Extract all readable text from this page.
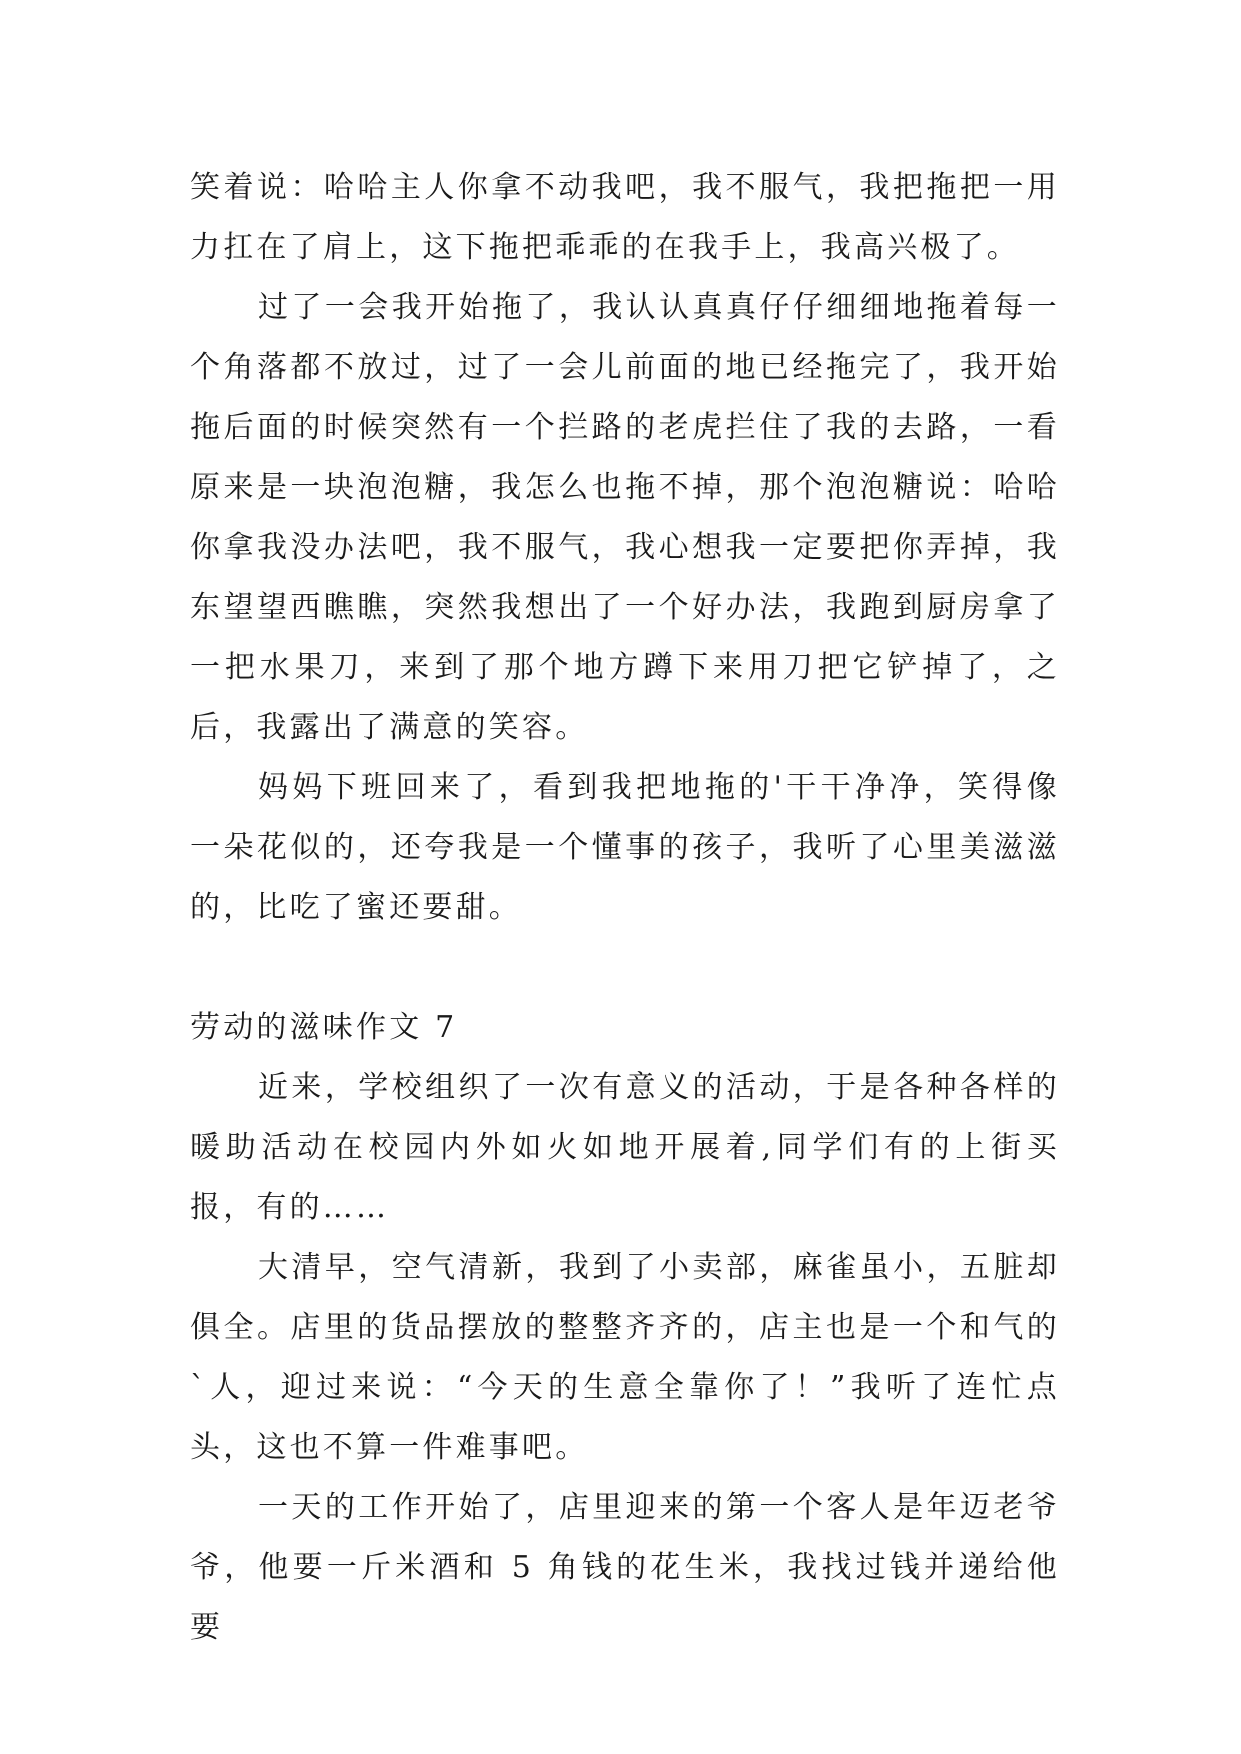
笑着说：哈哈主人你拿不动我吧，我不服气，我把拖把一用力扛在了肩上，这下拖把乖乖的在我手上，我高兴极了。

过了一会我开始拖了，我认认真真仔仔细细地拖着每一个角落都不放过，过了一会儿前面的地已经拖完了，我开始拖后面的时候突然有一个拦路的老虎拦住了我的去路，一看原来是一块泡泡糖，我怎么也拖不掉，那个泡泡糖说：哈哈你拿我没办法吧，我不服气，我心想我一定要把你弄掉，我东望望西瞧瞧，突然我想出了一个好办法，我跑到厨房拿了一把水果刀，来到了那个地方蹲下来用刀把它铲掉了，之后，我露出了满意的笑容。

妈妈下班回来了，看到我把地拖的'干干净净，笑得像一朵花似的，还夸我是一个懂事的孩子，我听了心里美滋滋的，比吃了蜜还要甜。

劳动的滋味作文 7

近来，学校组织了一次有意义的活动，于是各种各样的暖助活动在校园内外如火如地开展着,同学们有的上街买报，有的……

大清早，空气清新，我到了小卖部，麻雀虽小，五脏却俱全。店里的货品摆放的整整齐齐的，店主也是一个和气的`人，迎过来说：“今天的生意全靠你了！”我听了连忙点头，这也不算一件难事吧。

一天的工作开始了，店里迎来的第一个客人是年迈老爷爷，他要一斤米酒和 5 角钱的花生米，我找过钱并递给他要
